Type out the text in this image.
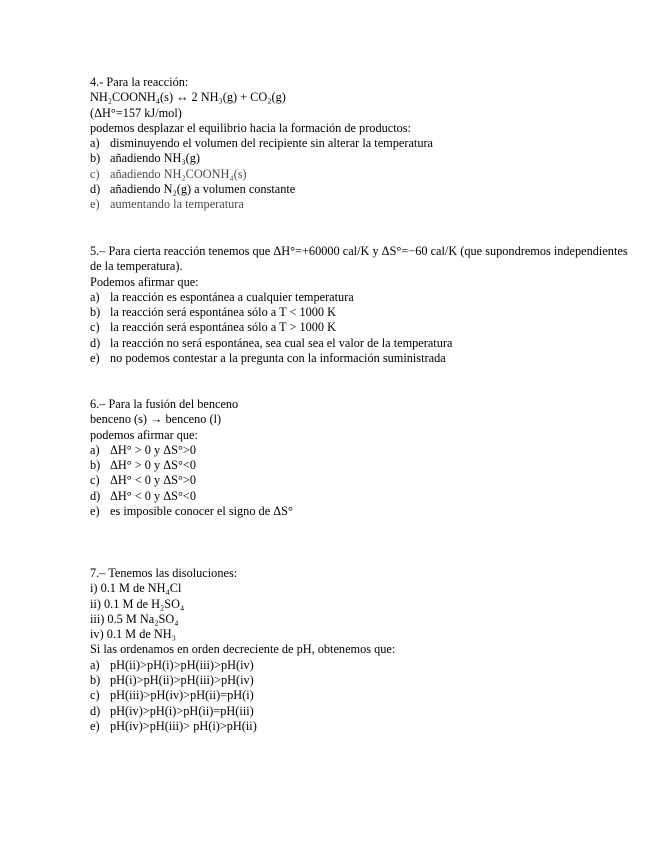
4.- Para la reacción:
NH₂COONH₄(s) ↔ 2 NH₃(g) + CO₂(g)
(ΔH°=157 kJ/mol)
podemos desplazar el equilibrio hacia la formación de productos:
a) disminuyendo el volumen del recipiente sin alterar la temperatura
b) añadiendo NH₃(g)
c) añadiendo NH₂COONH₄(s)
d) añadiendo N₂(g) a volumen constante
e) aumentando la temperatura
5.– Para cierta reacción tenemos que ΔH°=+60000 cal/K y ΔS°=−60 cal/K (que supondremos independientes de la temperatura).
Podemos afirmar que:
a) la reacción es espontánea a cualquier temperatura
b) la reacción será espontánea sólo a T < 1000 K
c) la reacción será espontánea sólo a T > 1000 K
d) la reacción no será espontánea, sea cual sea el valor de la temperatura
e) no podemos contestar a la pregunta con la información suministrada
6.– Para la fusión del benceno
benceno (s) → benceno (l)
podemos afirmar que:
a) ΔH° > 0 y ΔS°>0
b) ΔH° > 0 y ΔS°<0
c) ΔH° < 0 y ΔS°>0
d) ΔH° < 0 y ΔS°<0
e) es imposible conocer el signo de ΔS°
7.– Tenemos las disoluciones:
i) 0.1 M de NH₄Cl
ii) 0.1 M de H₂SO₄
iii) 0.5 M Na₂SO₄
iv) 0.1 M de NH₃
Si las ordenamos en orden decreciente de pH, obtenemos que:
a) pH(ii)>pH(i)>pH(iii)>pH(iv)
b) pH(i)>pH(ii)>pH(iii)>pH(iv)
c) pH(iii)>pH(iv)>pH(ii)=pH(i)
d) pH(iv)>pH(i)>pH(ii)=pH(iii)
e) pH(iv)>pH(iii)> pH(i)>pH(ii)
